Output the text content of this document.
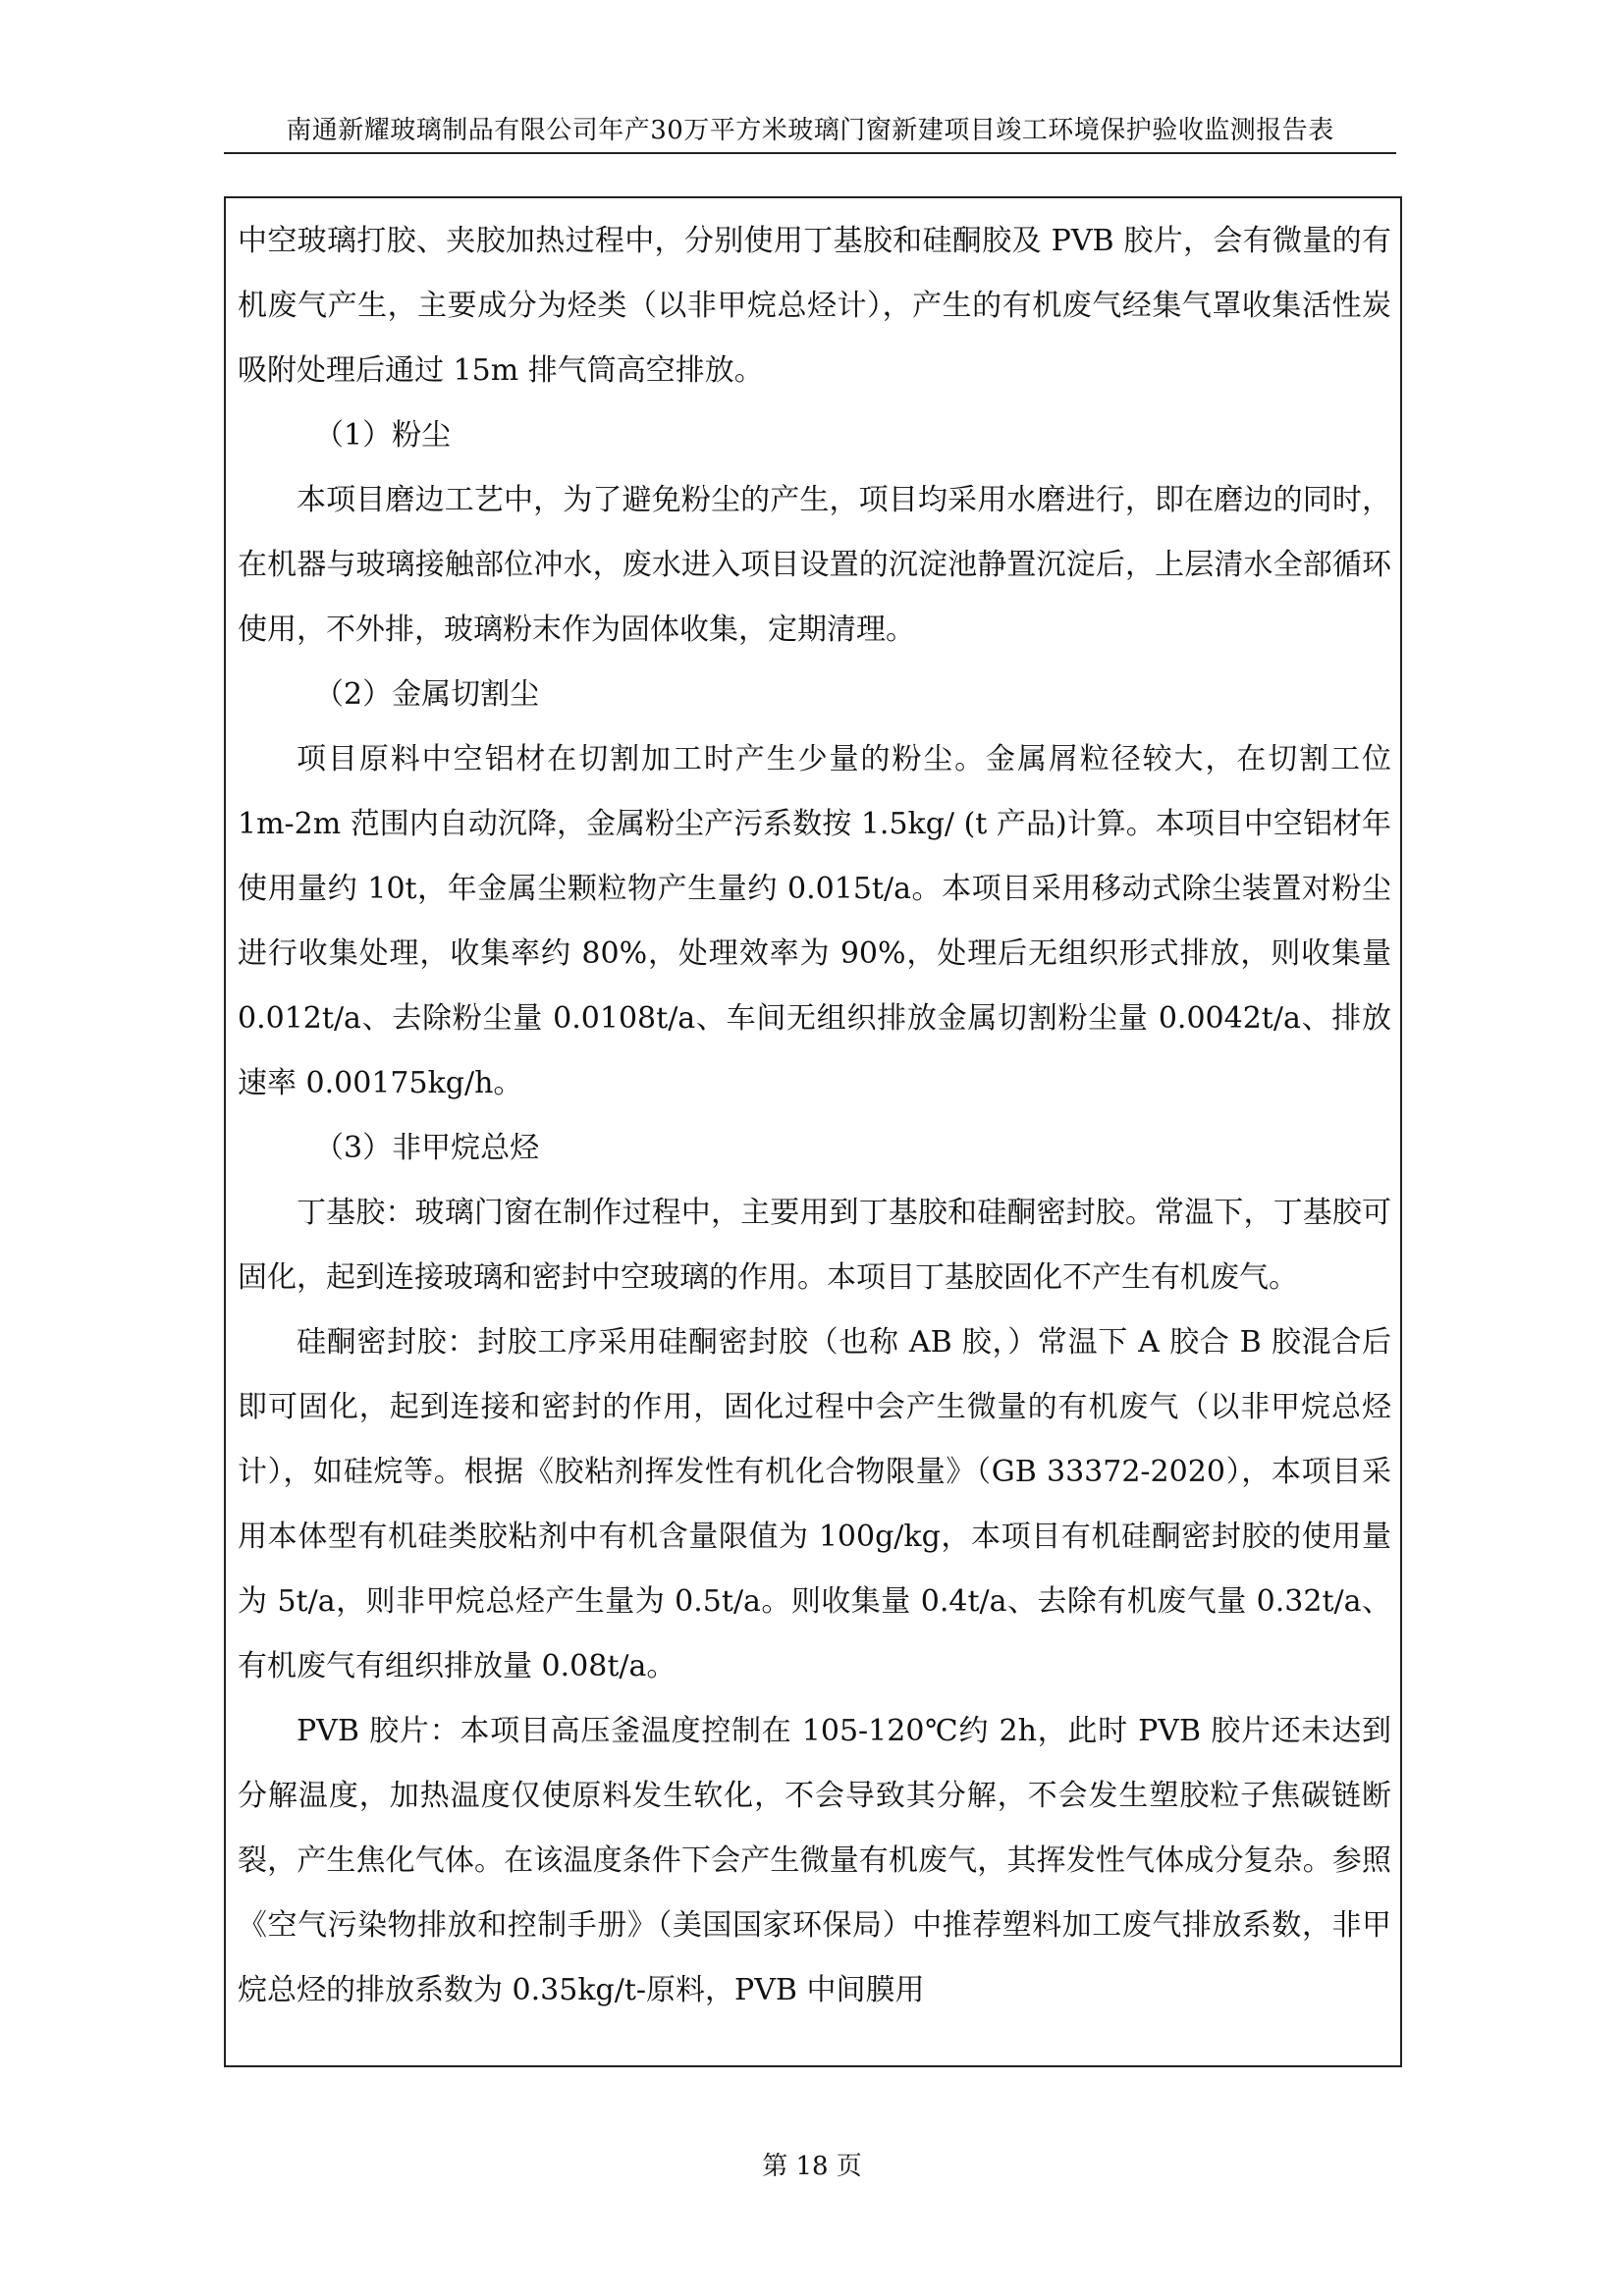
南通新耀玻璃制品有限公司年产30万平方米玻璃门窗新建项目竣工环境保护验收监测报告表

中空玻璃打胶、夹胶加热过程中，分别使用丁基胶和硅酮胶及 PVB 胶片，会有微量的有机废气产生，主要成分为烃类（以非甲烷总烃计），产生的有机废气经集气罩收集活性炭吸附处理后通过 15m 排气筒高空排放。

（1）粉尘

本项目磨边工艺中，为了避免粉尘的产生，项目均采用水磨进行，即在磨边的同时，在机器与玻璃接触部位冲水，废水进入项目设置的沉淀池静置沉淀后，上层清水全部循环使用，不外排，玻璃粉末作为固体收集，定期清理。

（2）金属切割尘

项目原料中空铝材在切割加工时产生少量的粉尘。金属屑粒径较大，在切割工位 1m-2m 范围内自动沉降，金属粉尘产污系数按 1.5kg/ (t 产品)计算。本项目中空铝材年使用量约 10t，年金属尘颗粒物产生量约 0.015t/a。本项目采用移动式除尘装置对粉尘进行收集处理，收集率约 80%，处理效率为 90%，处理后无组织形式排放，则收集量 0.012t/a、去除粉尘量 0.0108t/a、车间无组织排放金属切割粉尘量 0.0042t/a、排放速率 0.00175kg/h。

（3）非甲烷总烃

丁基胶：玻璃门窗在制作过程中，主要用到丁基胶和硅酮密封胶。常温下，丁基胶可固化，起到连接玻璃和密封中空玻璃的作用。本项目丁基胶固化不产生有机废气。

硅酮密封胶：封胶工序采用硅酮密封胶（也称 AB 胶，）常温下 A 胶合 B 胶混合后即可固化，起到连接和密封的作用，固化过程中会产生微量的有机废气（以非甲烷总烃计），如硅烷等。根据《胶粘剂挥发性有机化合物限量》（GB 33372-2020），本项目采用本体型有机硅类胶粘剂中有机含量限值为 100g/kg，本项目有机硅酮密封胶的使用量为 5t/a，则非甲烷总烃产生量为 0.5t/a。则收集量 0.4t/a、去除有机废气量 0.32t/a、有机废气有组织排放量 0.08t/a。

PVB 胶片：本项目高压釜温度控制在 105-120℃约 2h，此时 PVB 胶片还未达到分解温度，加热温度仅使原料发生软化，不会导致其分解，不会发生塑胶粒子焦碳链断裂，产生焦化气体。在该温度条件下会产生微量有机废气，其挥发性气体成分复杂。参照《空气污染物排放和控制手册》（美国国家环保局）中推荐塑料加工废气排放系数，非甲烷总烃的排放系数为 0.35kg/t-原料，PVB 中间膜用

第 18 页
